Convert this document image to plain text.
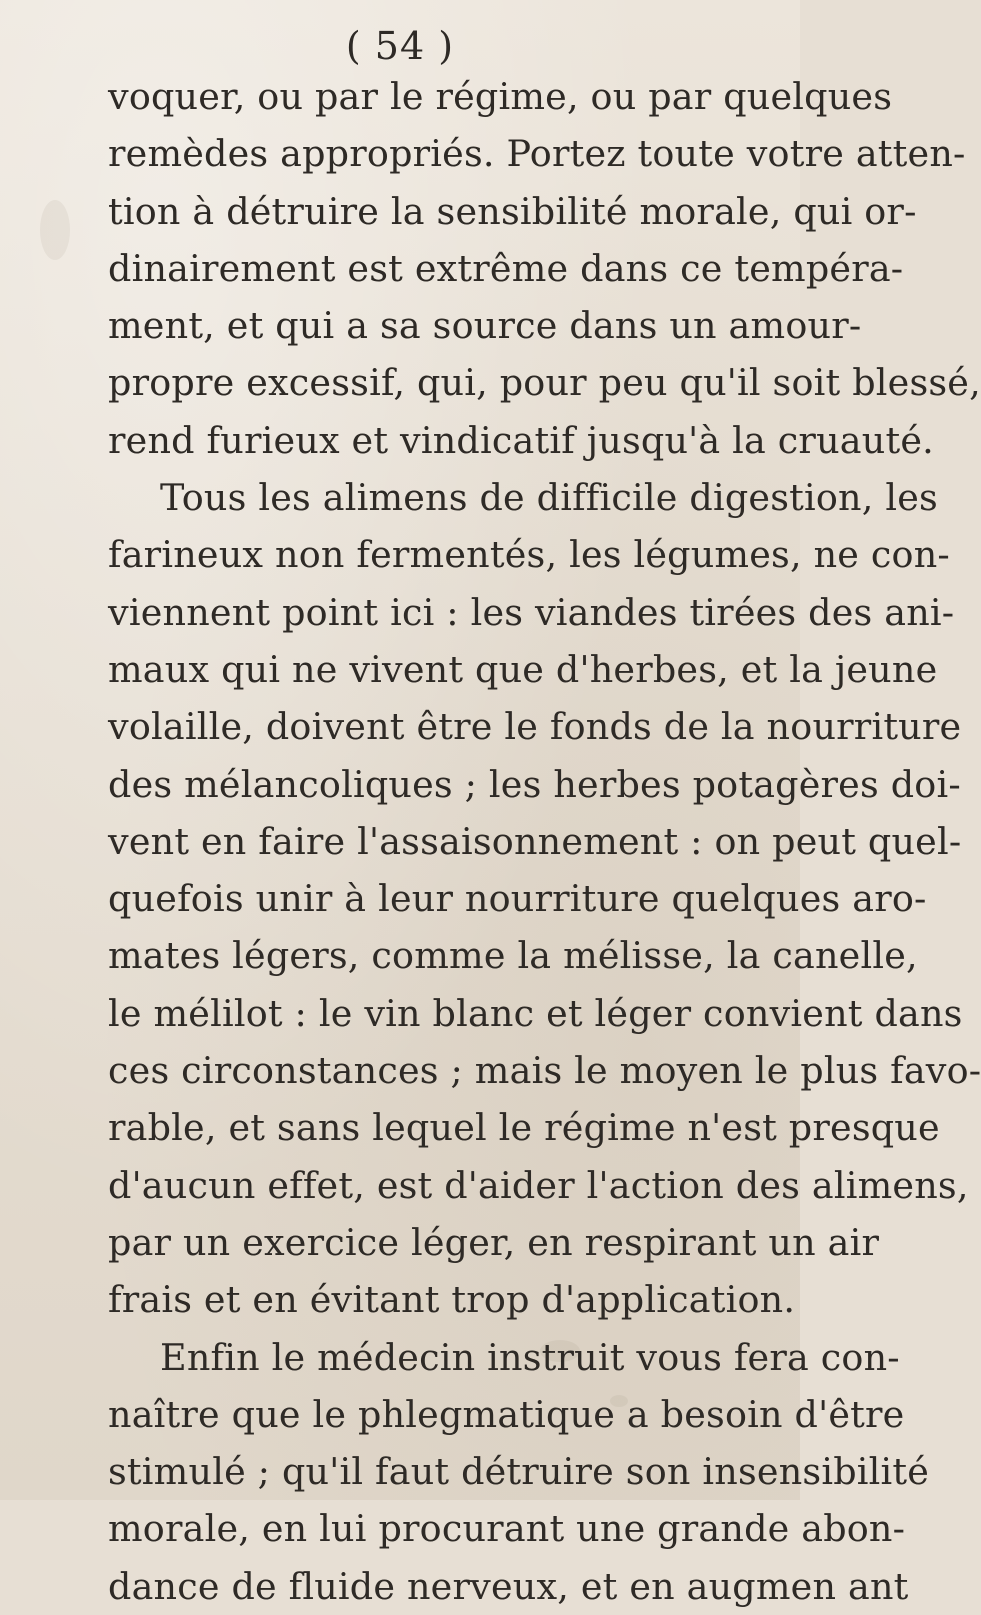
( 54 )
voquer, ou par le régime, ou par quelques
remèdes appropriés. Portez toute votre atten-
tion à détruire la sensibilité morale, qui or-
dinairement est extrême dans ce tempéra-
ment, et qui a sa source dans un amour-
propre excessif, qui, pour peu qu'il soit blessé,
rend furieux et vindicatif jusqu'à la cruauté.
Tous les alimens de difficile digestion, les
farineux non fermentés, les légumes, ne con-
viennent point ici : les viandes tirées des ani-
maux qui ne vivent que d'herbes, et la jeune
volaille, doivent être le fonds de la nourriture
des mélancoliques ; les herbes potagères doi-
vent en faire l'assaisonnement : on peut quel-
quefois unir à leur nourriture quelques aro-
mates légers, comme la mélisse, la canelle,
le mélilot : le vin blanc et léger convient dans
ces circonstances ; mais le moyen le plus favo-
rable, et sans lequel le régime n'est presque
d'aucun effet, est d'aider l'action des alimens,
par un exercice léger, en respirant un air
frais et en évitant trop d'application.
Enfin le médecin instruit vous fera con-
naître que le phlegmatique a besoin d'être
stimulé ; qu'il faut détruire son insensibilité
morale, en lui procurant une grande abon-
dance de fluide nerveux, et en augmen ant
